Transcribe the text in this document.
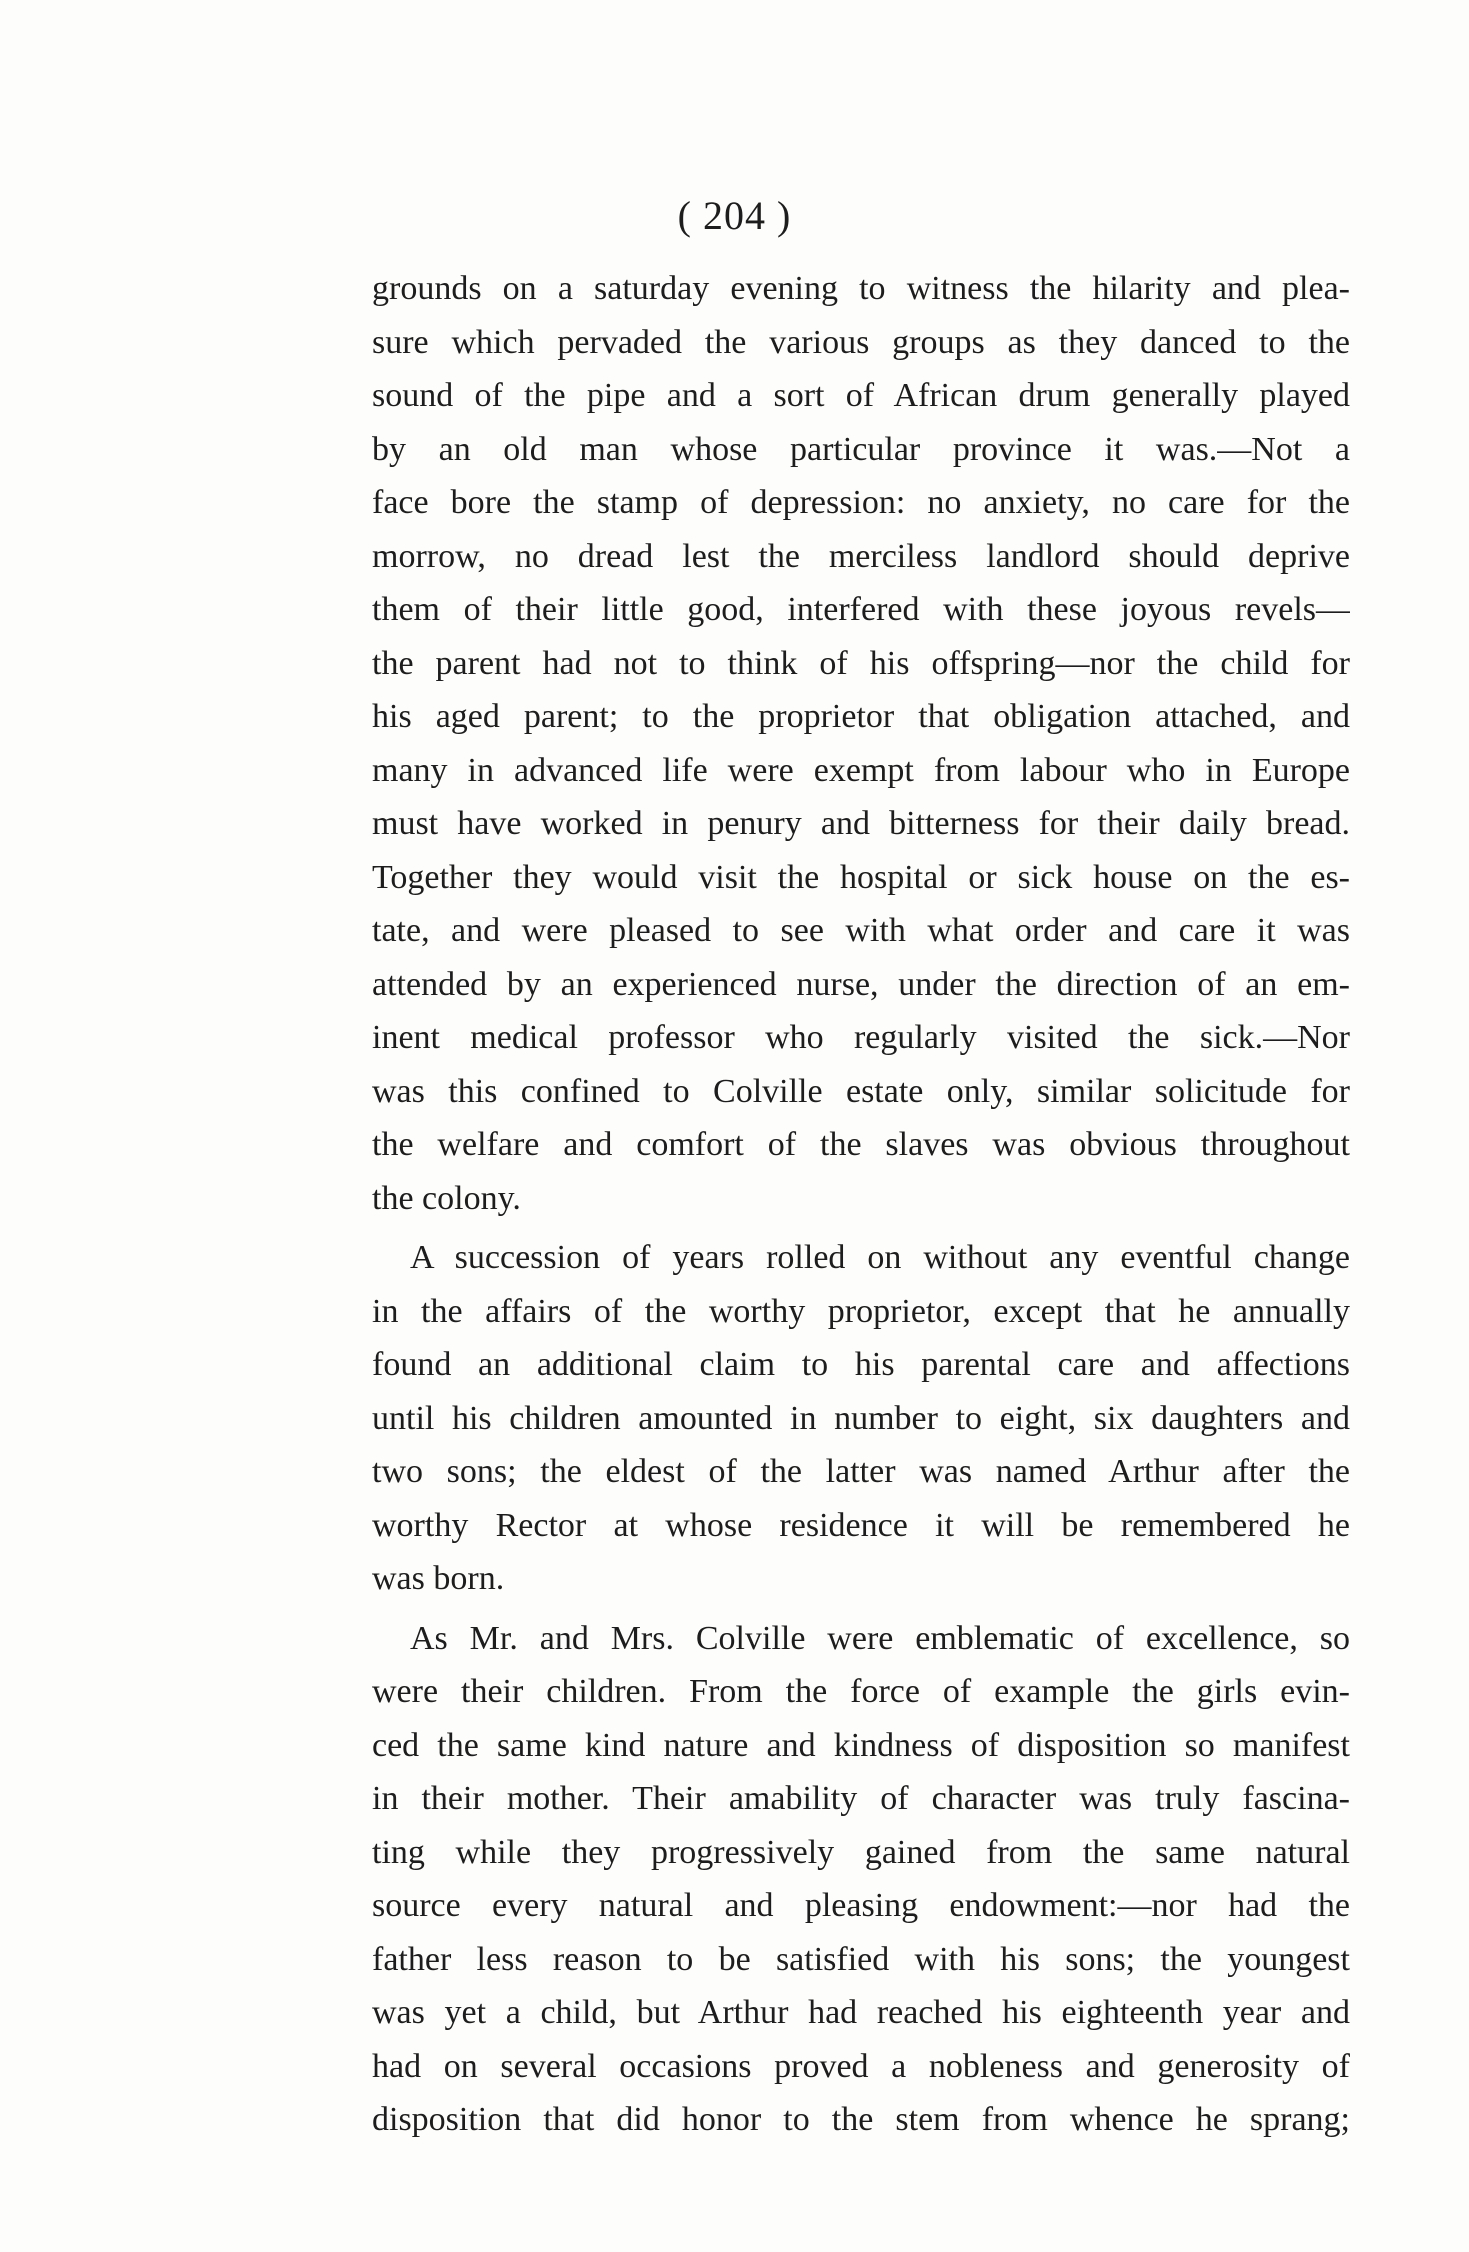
( 204 )
grounds on a saturday evening to witness the hilarity and plea-
sure which pervaded the various groups as they danced to the
sound of the pipe and a sort of African drum generally played
by an old man whose particular province it was.—Not a
face bore the stamp of depression: no anxiety, no care for the
morrow, no dread lest the merciless landlord should deprive
them of their little good, interfered with these joyous revels—
the parent had not to think of his offspring—nor the child for
his aged parent; to the proprietor that obligation attached, and
many in advanced life were exempt from labour who in Europe
must have worked in penury and bitterness for their daily bread.
Together they would visit the hospital or sick house on the es-
tate, and were pleased to see with what order and care it was
attended by an experienced nurse, under the direction of an em-
inent medical professor who regularly visited the sick.—Nor
was this confined to Colville estate only, similar solicitude for
the welfare and comfort of the slaves was obvious throughout
the colony.
A succession of years rolled on without any eventful change
in the affairs of the worthy proprietor, except that he annually
found an additional claim to his parental care and affections
until his children amounted in number to eight, six daughters and
two sons; the eldest of the latter was named Arthur after the
worthy Rector at whose residence it will be remembered he
was born.
As Mr. and Mrs. Colville were emblematic of excellence, so
were their children. From the force of example the girls evin-
ced the same kind nature and kindness of disposition so manifest
in their mother. Their amability of character was truly fascina-
ting while they progressively gained from the same natural
source every natural and pleasing endowment:—nor had the
father less reason to be satisfied with his sons; the youngest
was yet a child, but Arthur had reached his eighteenth year and
had on several occasions proved a nobleness and generosity of
disposition that did honor to the stem from whence he sprang;
